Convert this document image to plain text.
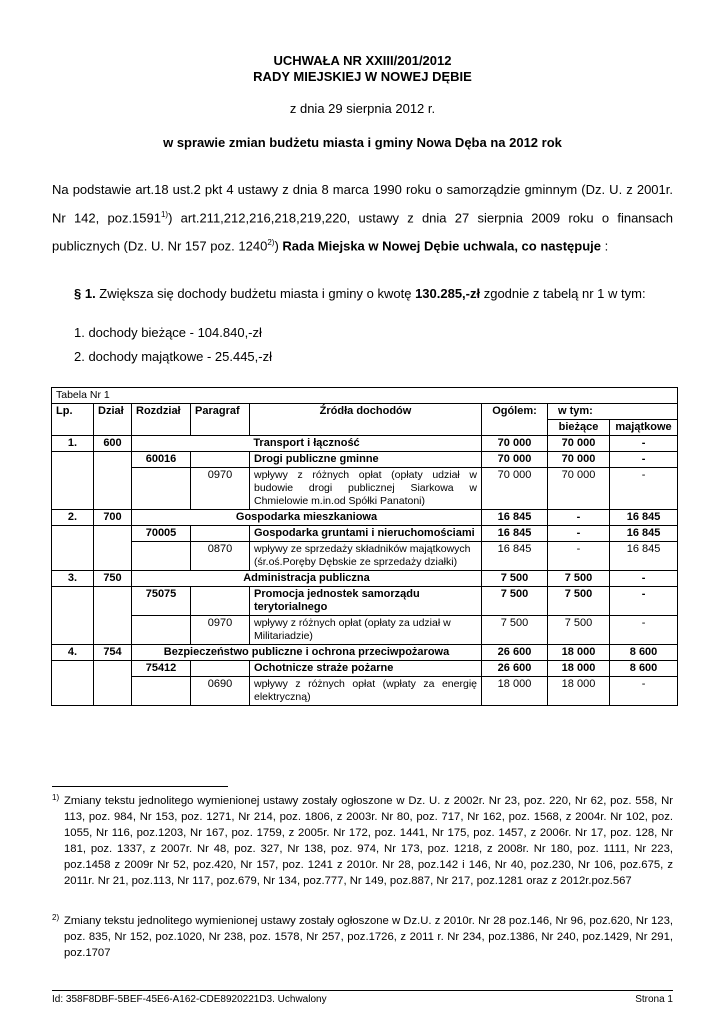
UCHWAŁA NR XXIII/201/2012
RADY MIEJSKIEJ W NOWEJ DĘBIE
z dnia 29 sierpnia 2012 r.
w sprawie zmian budżetu miasta i gminy Nowa Dęba na 2012 rok
Na podstawie art.18 ust.2 pkt 4 ustawy z dnia 8 marca 1990 roku o samorządzie gminnym (Dz. U. z 2001r. Nr 142, poz.1591$^{1)}$) art.211,212,216,218,219,220, ustawy z dnia 27 sierpnia 2009 roku o finansach publicznych (Dz. U. Nr 157 poz. 1240$^{2)}$) Rada Miejska w Nowej Dębie uchwala, co następuje :
§ 1. Zwiększa się dochody budżetu miasta i gminy o kwotę 130.285,-zł zgodnie z tabelą nr 1 w tym:
1. dochody bieżące - 104.840,-zł
2. dochody majątkowe - 25.445,-zł
Tabela Nr 1							
Lp.	Dział	Rozdział	Paragraf	Źródła dochodów	Ogólem:	w tym:	
						bieżące	majątkowe
1.	600	Transport i łączność			70 000	70 000	-
		60016		Drogi publiczne gminne	70 000	70 000	-
			0970	wpływy z różnych opłat (opłaty udział w budowie drogi publicznej Siarkowa w Chmielowie m.in.od Spółki Panatoni)	70 000	70 000	-
2.	700	Gospodarka mieszkaniowa			16 845	-	16 845
		70005		Gospodarka gruntami i nieruchomościami	16 845	-	16 845
			0870	wpływy ze sprzedaży składników majątkowych (śr.oś.Poręby Dębskie ze sprzedaży działki)	16 845	-	16 845
3.	750	Administracja publiczna			7 500	7 500	-
		75075		Promocja jednostek samorządu terytorialnego	7 500	7 500	-
			0970	wpływy z różnych opłat (opłaty za udział w Militariadzie)	7 500	7 500	-
4.	754	Bezpieczeństwo publiczne i ochrona przeciwpożarowa			26 600	18 000	8 600
		75412		Ochotnicze straże pożarne	26 600	18 000	8 600
			0690	wpływy z różnych opłat (wpłaty za energię elektryczną)	18 000	18 000	-
1) Zmiany tekstu jednolitego wymienionej ustawy zostały ogłoszone w Dz. U. z 2002r. Nr 23, poz. 220, Nr 62, poz. 558, Nr 113, poz. 984, Nr 153, poz. 1271, Nr 214, poz. 1806, z 2003r. Nr 80, poz. 717, Nr 162, poz. 1568, z 2004r. Nr 102, poz. 1055, Nr 116, poz.1203, Nr 167, poz. 1759, z 2005r. Nr 172, poz. 1441, Nr 175, poz. 1457, z 2006r. Nr 17, poz. 128, Nr 181, poz. 1337, z 2007r. Nr 48, poz. 327, Nr 138, poz. 974, Nr 173, poz. 1218, z 2008r. Nr 180, poz. 1111, Nr 223, poz.1458 z 2009r Nr 52, poz.420, Nr 157, poz. 1241 z 2010r. Nr 28, poz.142 i 146, Nr 40, poz.230, Nr 106, poz.675, z 2011r. Nr 21, poz.113, Nr 117, poz.679, Nr 134, poz.777, Nr 149, poz.887, Nr 217, poz.1281 oraz z 2012r.poz.567
2) Zmiany tekstu jednolitego wymienionej ustawy zostały ogłoszone w Dz.U. z 2010r. Nr 28 poz.146, Nr 96, poz.620, Nr 123, poz. 835, Nr 152, poz.1020, Nr 238, poz. 1578, Nr 257, poz.1726, z 2011 r. Nr 234, poz.1386, Nr 240, poz.1429, Nr 291, poz.1707
Id: 358F8DBF-5BEF-45E6-A162-CDE8920221D3. Uchwalony	Strona 1
